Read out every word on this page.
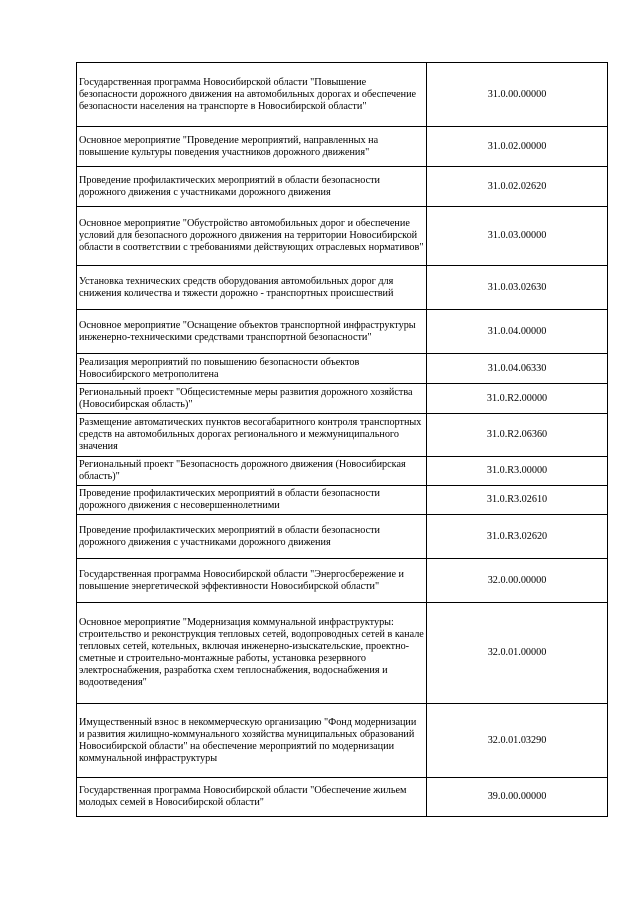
Государственная программа Новосибирской области "Повышение безопасности дорожного движения на автомобильных дорогах и обеспечение безопасности населения на транспорте в Новосибирской области"	31.0.00.00000
Основное мероприятие "Проведение мероприятий, направленных на повышение культуры поведения участников дорожного движения"	31.0.02.00000
Проведение профилактических мероприятий в области безопасности дорожного движения с участниками дорожного движения	31.0.02.02620
Основное мероприятие "Обустройство автомобильных дорог и обеспечение условий для безопасного дорожного движения на территории Новосибирской области в соответствии с требованиями действующих отраслевых нормативов"	31.0.03.00000
Установка технических средств оборудования автомобильных дорог для снижения количества и тяжести дорожно - транспортных происшествий	31.0.03.02630
Основное мероприятие "Оснащение объектов транспортной инфраструктуры инженерно-техническими средствами транспортной безопасности"	31.0.04.00000
Реализация мероприятий по повышению безопасности объектов Новосибирского метрополитена	31.0.04.06330
Региональный проект "Общесистемные меры развития дорожного хозяйства (Новосибирская область)"	31.0.R2.00000
Размещение автоматических пунктов весогабаритного контроля транспортных средств на автомобильных дорогах регионального и межмуниципального значения	31.0.R2.06360
Региональный проект "Безопасность дорожного движения (Новосибирская область)"	31.0.R3.00000
Проведение профилактических мероприятий в области безопасности дорожного движения с несовершеннолетними	31.0.R3.02610
Проведение профилактических мероприятий в области безопасности дорожного движения с участниками дорожного движения	31.0.R3.02620
Государственная программа Новосибирской области "Энергосбережение и повышение энергетической эффективности Новосибирской области"	32.0.00.00000
Основное мероприятие "Модернизация коммунальной инфраструктуры: строительство и реконструкция тепловых сетей, водопроводных сетей в канале тепловых сетей, котельных, включая инженерно-изыскательские, проектно-сметные и строительно-монтажные работы, установка резервного электроснабжения, разработка схем теплоснабжения, водоснабжения и водоотведения"	32.0.01.00000
Имущественный взнос в некоммерческую организацию "Фонд модернизации и развития жилищно-коммунального хозяйства муниципальных образований Новосибирской области" на обеспечение мероприятий по модернизации коммунальной инфраструктуры	32.0.01.03290
Государственная программа Новосибирской области "Обеспечение жильем молодых семей в Новосибирской области"	39.0.00.00000
